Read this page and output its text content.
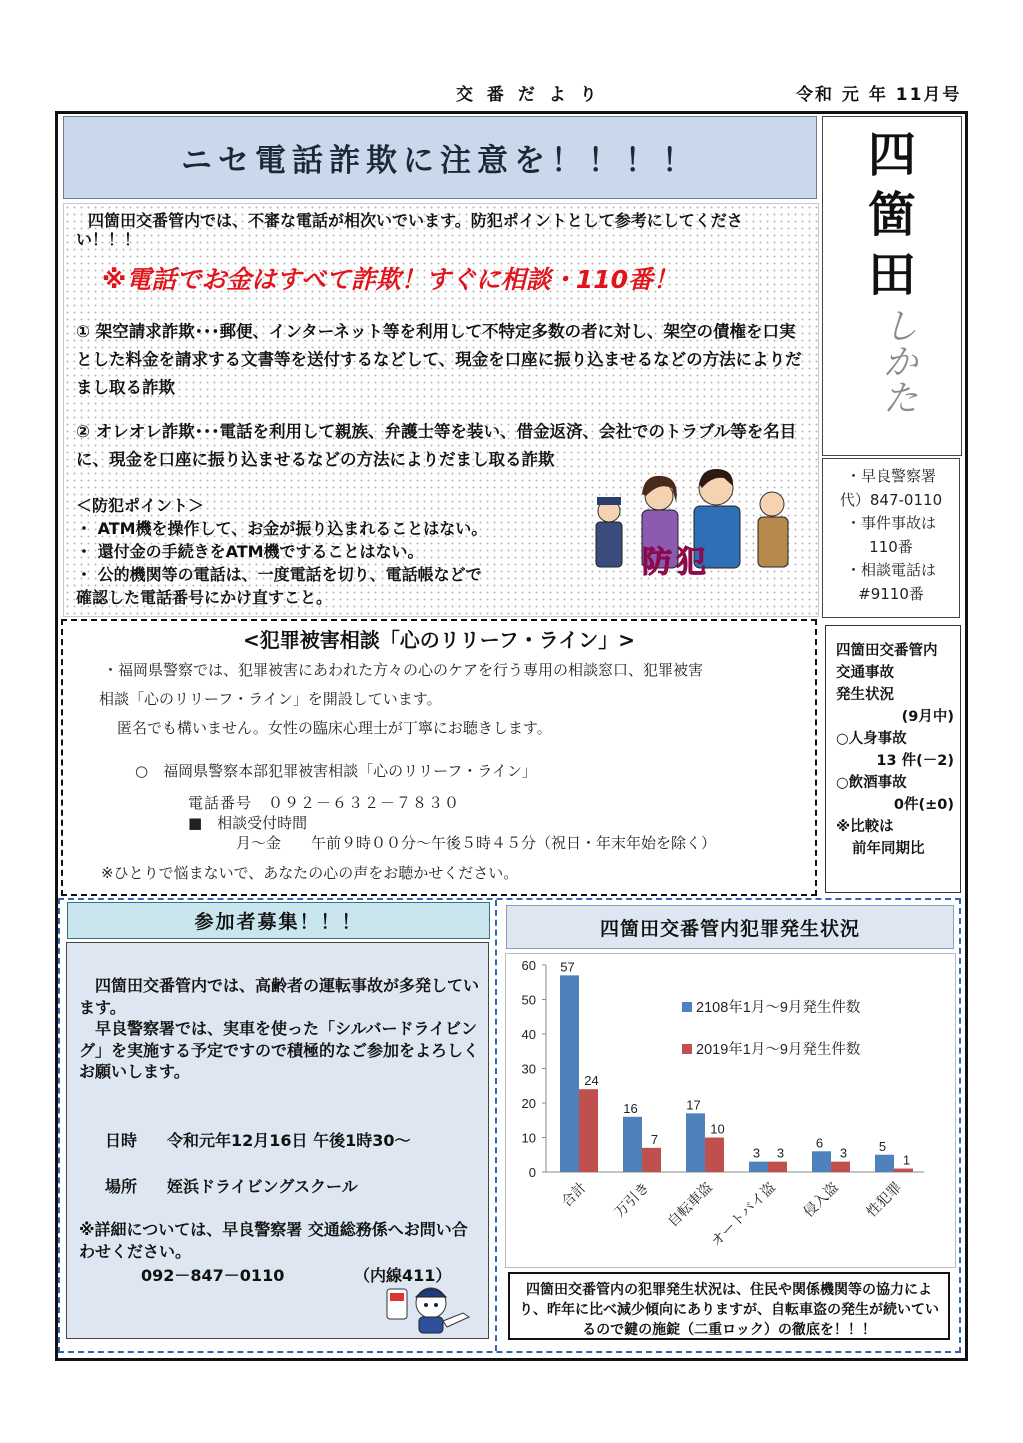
交 番 だ よ り	令和 元 年 11月号
ニセ電話詐欺に注意を！！！！
四箇田交番管内では、不審な電話が相次いでいます。防犯ポイントとして参考にしてください！！！
※電話でお金はすべて詐欺！すぐに相談・110番！
① 架空請求詐欺･･･郵便、インターネット等を利用して不特定多数の者に対し、架空の債権を口実とした料金を請求する文書等を送付するなどして、現金を口座に振り込ませるなどの方法によりだまし取る詐欺
② オレオレ詐欺･･･電話を利用して親族、弁護士等を装い、借金返済、会社でのトラブル等を名目に、現金を口座に振り込ませるなどの方法によりだまし取る詐欺
＜防犯ポイント＞
・ ATM機を操作して、お金が振り込まれることはない。
・ 還付金の手続きをATM機ですることはない。
・ 公的機関等の電話は、一度電話を切り、電話帳などで
確認した電話番号にかけ直すこと。
防犯
四
箇
田
しかた
・早良警察署
代）847-0110
・事件事故は
110番
・相談電話は
#9110番
<犯罪被害相談「心のリリーフ・ライン」>
・福岡県警察では、犯罪被害にあわれた方々の心のケアを行う専用の相談窓口、犯罪被害
相談「心のリリーフ・ライン」を開設しています。
匿名でも構いません。女性の臨床心理士が丁寧にお聴きします。
○　福岡県警察本部犯罪被害相談「心のリリーフ・ライン」
電話番号　０９２－６３２－７８３０
■　相談受付時間
月～金　　午前９時００分～午後５時４５分（祝日・年末年始を除く）
※ひとりで悩まないで、あなたの心の声をお聴かせください。
四箇田交番管内
交通事故
発生状況
(9月中)
○人身事故
13 件(－2)
○飲酒事故
0件(±0)
※比較は
前年同期比
参加者募集！！！
　四箇田交番管内では、高齢者の運転事故が多発しています。
　早良警察署では、実車を使った「シルバードライビング」を実施する予定ですので積極的なご参加をよろしくお願いします。
日時 令和元年12月16日 午後1時30～
場所 姪浜ドライビングスクール
※詳細については、早良警察署 交通総務係へお問い合わせください。
092－847－0110	（内線411）
四箇田交番管内犯罪発生状況
0
10
20
30
40
50
60 57
24
合計
16
7
万引き
17
10
自転車盗
3 3
オートバイ盗
6
3
侵入盗
5
1
性犯罪
2108年1月～9月発生件数
2019年1月～9月発生件数
四箇田交番管内の犯罪発生状況は、住民や関係機関等の協力により、昨年に比べ減少傾向にありますが、自転車盗の発生が続いているので鍵の施錠（二重ロック）の徹底を！！！
